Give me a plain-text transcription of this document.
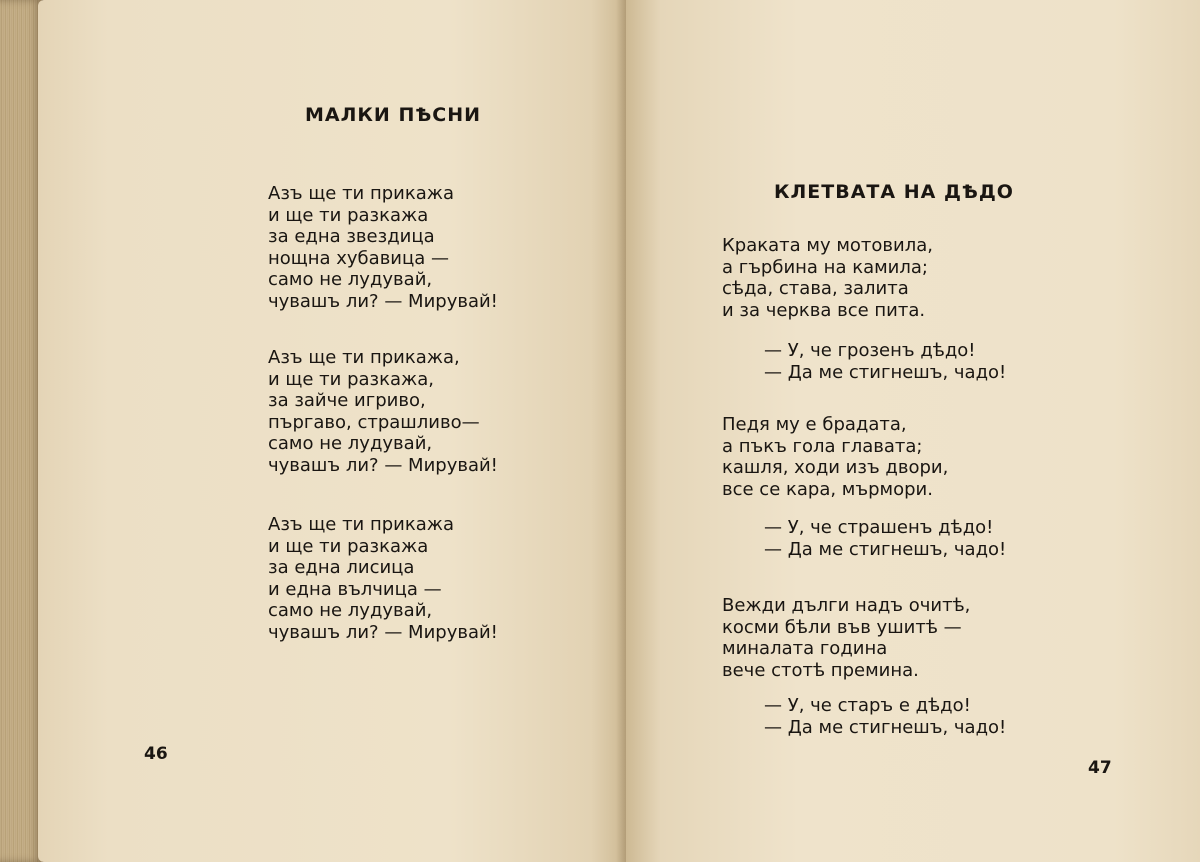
МАЛКИ ПѢСНИ
Азъ ще ти прикажа
и ще ти разкажа
за една звездица
нощна хубавица —
само не лудувай,
чувашъ ли? — Мирувай!
Азъ ще ти прикажа,
и ще ти разкажа,
за зайче игриво,
пъргаво, страшливо—
само не лудувай,
чувашъ ли? — Мирувай!
Азъ ще ти прикажа
и ще ти разкажа
за една лисица
и една вълчица —
само не лудувай,
чувашъ ли? — Мирувай!
46
КЛЕТВАТА НА ДѢДО
Краката му мотовила,
а гърбина на камила;
сѣда, става, залита
и за черква все пита.
— У, че грозенъ дѣдо!
— Да ме стигнешъ, чадо!
Педя му е брадата,
а пъкъ гола главата;
кашля, ходи изъ двори,
все се кара, мърмори.
— У, че страшенъ дѣдо!
— Да ме стигнешъ, чадо!
Вежди дълги надъ очитѣ,
косми бѣли във ушитѣ —
миналата година
вече стотѣ премина.
— У, че старъ е дѣдо!
— Да ме стигнешъ, чадо!
47
